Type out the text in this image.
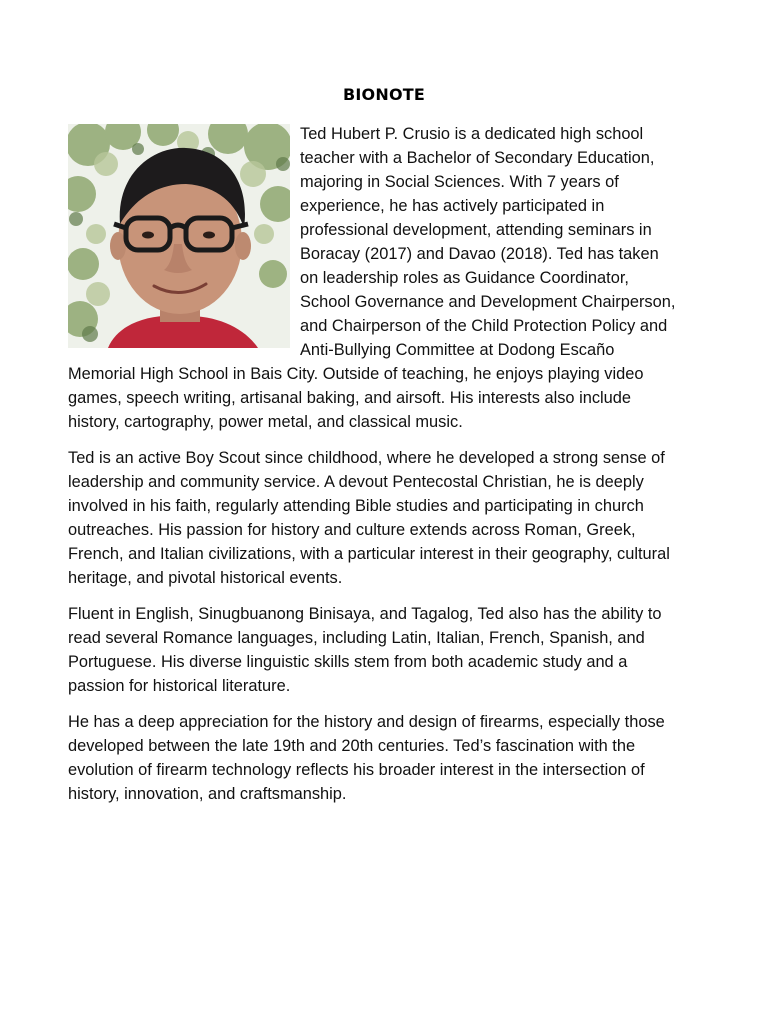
BIONOTE

Ted Hubert P. Crusio is a dedicated high school teacher with a Bachelor of Secondary Education, majoring in Social Sciences. With 7 years of experience, he has actively participated in professional development, attending seminars in Boracay (2017) and Davao (2018). Ted has taken on leadership roles as Guidance Coordinator, School Governance and Development Chairperson, and Chairperson of the Child Protection Policy and Anti-Bullying Committee at Dodong Escaño Memorial High School in Bais City. Outside of teaching, he enjoys playing video games, speech writing, artisanal baking, and airsoft. His interests also include history, cartography, power metal, and classical music.

Ted is an active Boy Scout since childhood, where he developed a strong sense of leadership and community service. A devout Pentecostal Christian, he is deeply involved in his faith, regularly attending Bible studies and participating in church outreaches. His passion for history and culture extends across Roman, Greek, French, and Italian civilizations, with a particular interest in their geography, cultural heritage, and pivotal historical events.

Fluent in English, Sinugbuanong Binisaya, and Tagalog, Ted also has the ability to read several Romance languages, including Latin, Italian, French, Spanish, and Portuguese. His diverse linguistic skills stem from both academic study and a passion for historical literature.

He has a deep appreciation for the history and design of firearms, especially those developed between the late 19th and 20th centuries. Ted’s fascination with the evolution of firearm technology reflects his broader interest in the intersection of history, innovation, and craftsmanship.
